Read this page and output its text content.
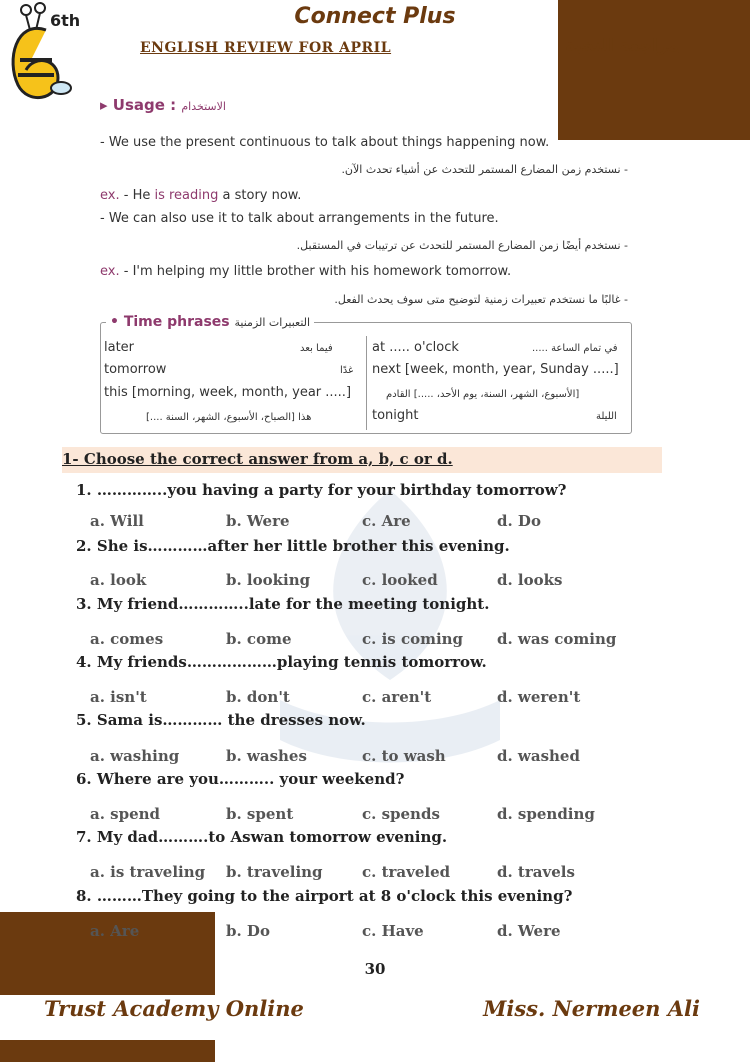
6th	Connect Plus
ENGLISH REVIEW FOR APRIL	مراجعة النخبة
▸ Usage : الاستخدام
- We use the present continuous to talk about things happening now.
- نستخدم زمن المضارع المستمر للتحدث عن أشياء تحدث الآن.
ex. - He is reading a story now.
- We can also use it to talk about arrangements in the future.
- نستخدم أيضًا زمن المضارع المستمر للتحدث عن ترتيبات في المستقبل.
ex. - I'm helping my little brother with his homework tomorrow.
- غالبًا ما نستخدم تعبيرات زمنية لتوضيح متى سوف يحدث الفعل.
• Time phrases التعبيرات الزمنية
later	فيما بعد
tomorrow	غدًا
this [morning, week, month, year .....]
هذا [الصباح، الأسبوع، الشهر، السنة ....]
at ..... o'clock	في تمام الساعة .....
next [week, month, year, Sunday .....]
[الأسبوع، الشهر، السنة، يوم الأحد، .....] القادم
tonight	الليلة
1- Choose the correct answer from a, b, c or d.
1. …………..you having a party for your birthday tomorrow?
a. Will	b. Were	c. Are	d. Do
2. She is…………after her little brother this evening.
a. look	b. looking	c. looked	d. looks
3. My friend…………..late for the meeting tonight.
a. comes	b. come	c. is coming d. was coming
4. My friends………………playing tennis tomorrow.
a. isn't	b. don't	c. aren't	d. weren't
5. Sama is………… the dresses now.
a. washing	b. washes	c. to wash	d. washed
6. Where are you……….. your weekend?
a. spend	b. spent	c. spends	d. spending
7. My dad……….to Aswan tomorrow evening.
a. is traveling b. traveling	c. traveled	d. travels
8. ………They going to the airport at 8 o'clock this evening?
a. Are	b. Do	c. Have	d. Were
30
Trust Academy Online	Miss. Nermeen Ali
